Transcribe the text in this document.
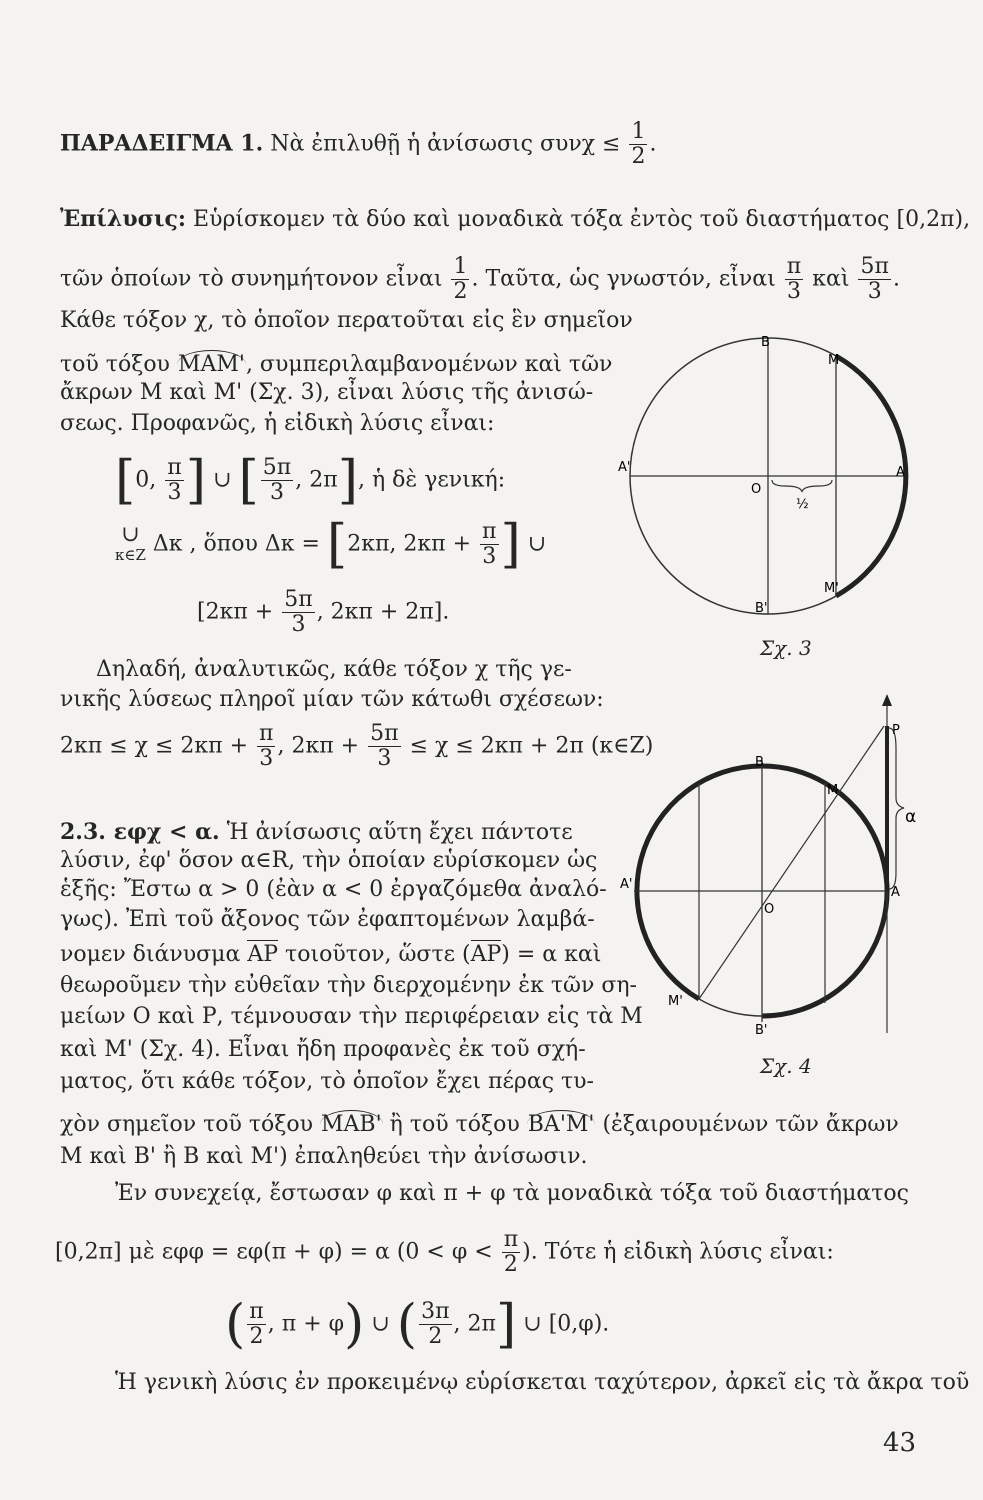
ΠΑΡΑΔΕΙΓΜΑ 1. Νὰ ἐπιλυθῇ ἡ ἀνίσωσις $\sigma\upsilon\nu\chi \le \frac{1}{2}$ .
Ἐπίλυσις: Εὑρίσκομεν τὰ δύο καὶ μοναδικὰ τόξα ἐντὸς τοῦ διαστήματος [0,2π),
τῶν ὁποίων τὸ συνημήτονον εἶναι $\frac{1}{2}$ . Ταῦτα, ὡς γνωστόν, εἶναι $\frac{\pi}{3}$ καὶ $\frac{5\pi}{3}$ .
Κάθε τόξον χ, τὸ ὁποῖον περατοῦται εἰς ἓν σημεῖον
τοῦ τόξου ΜΑΜ', συμπεριλαμβανομένων καὶ τῶν
ἄκρων Μ καὶ Μ' (Σχ. 3), εἶναι λύσις τῆς ἀνισώ-
σεως. Προφανῶς, ἡ εἰδικὴ λύσις εἶναι:
[0, $\frac{\pi}{3}$ ] ∪ [ $\frac{5\pi}{3}$ , 2π], ἡ δὲ γενική:
∪
κ∈Z Δκ , ὅπου Δκ = [2κπ, $2\kappa\pi + \frac{\pi}{3}$ ] ∪
[$2\kappa\pi + \frac{5\pi}{3}$ , 2κπ + 2π].
Δηλαδή, ἀναλυτικῶς, κάθε τόξον χ τῆς γε-
νικῆς λύσεως πληροῖ μίαν τῶν κάτωθι σχέσεων:
$2\kappa\pi \le \chi \le 2\kappa\pi + \frac{\pi}{3}$ , $2\kappa\pi + \frac{5\pi}{3} \le \chi \le 2\kappa\pi + 2\pi$ (κ∈Z)
2.3. εφχ < α. Ἡ ἀνίσωσις αὕτη ἔχει πάντοτε
λύσιν, ἐφ' ὅσον α∈R, τὴν ὁποίαν εὑρίσκομεν ὡς
ἑξῆς: Ἔστω α > 0 (ἐὰν α < 0 ἐργαζόμεθα ἀναλό-
γως). Ἐπὶ τοῦ ἄξονος τῶν ἐφαπτομένων λαμβά-
νομεν διάνυσμα AP τοιοῦτον, ὥστε (AP) = α καὶ
θεωροῦμεν τὴν εὐθεῖαν τὴν διερχομένην ἐκ τῶν ση-
μείων Ο καὶ Ρ, τέμνουσαν τὴν περιφέρειαν εἰς τὰ Μ
καὶ Μ' (Σχ. 4). Εἶναι ἤδη προφανὲς ἐκ τοῦ σχή-
ματος, ὅτι κάθε τόξον, τὸ ὁποῖον ἔχει πέρας τυ-
χὸν σημεῖον τοῦ τόξου ΜΑΒ' ἢ τοῦ τόξου ΒΑ'Μ' (ἐξαιρουμένων τῶν ἄκρων
Μ καὶ Β' ἢ Β καὶ Μ') ἐπαληθεύει τὴν ἀνίσωσιν.
Ἐν συνεχείᾳ, ἔστωσαν φ καὶ π + φ τὰ μοναδικὰ τόξα τοῦ διαστήματος
[0,2π] μὲ εφφ = εφ(π + φ) = α ($0 < \varphi < \frac{\pi}{2}$ ). Τότε ἡ εἰδικὴ λύσις εἶναι:
( $\frac{\pi}{2}$ , π + φ) ∪ ( $\frac{3\pi}{2}$ , 2π] ∪ [0,φ).
Ἡ γενικὴ λύσις ἐν προκειμένῳ εὑρίσκεται ταχύτερον, ἀρκεῖ εἰς τὰ ἄκρα τοῦ
Β
Μ
Α'	Α
Ο
½
Β'
Μ'
Σχ. 3
Ρ
Β
Μ
α
Α'
Α
Ο
Μ'
Β'
Σχ. 4
43
